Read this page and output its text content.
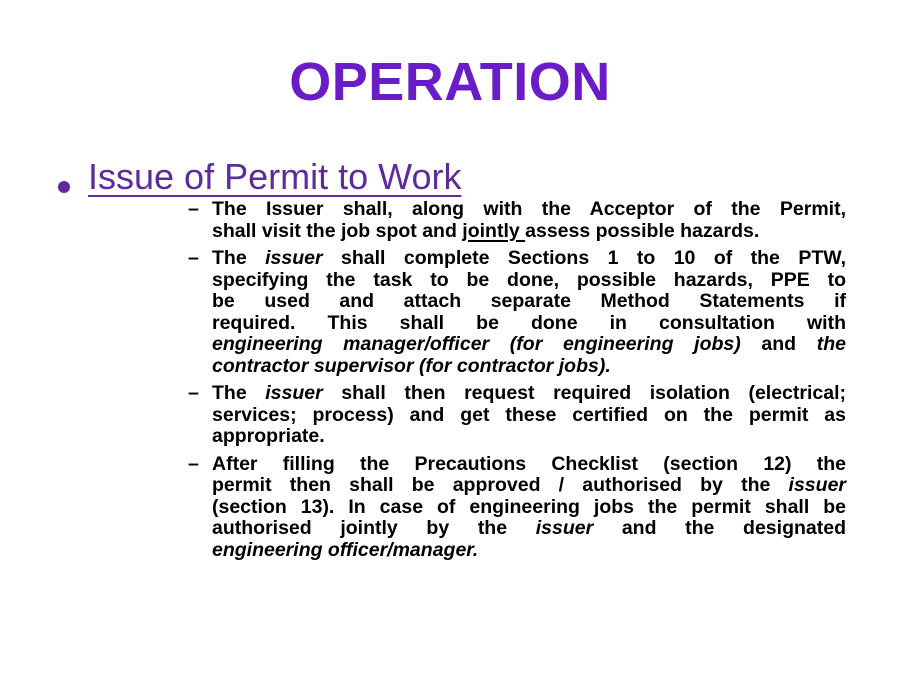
OPERATION
Issue of Permit to Work
– The Issuer shall, along with the Acceptor of the Permit,
shall visit the job spot and jointly assess possible hazards.
– The issuer shall complete Sections 1 to 10 of the PTW,
specifying the task to be done, possible hazards, PPE to
be used and attach separate Method Statements if
required. This shall be done in consultation with
engineering manager/officer (for engineering jobs) and the
contractor supervisor (for contractor jobs).
– The issuer shall then request required isolation (electrical;
services; process) and get these certified on the permit as
appropriate.
– After filling the Precautions Checklist (section 12) the
permit then shall be approved / authorised by the issuer
(section 13). In case of engineering jobs the permit shall be
authorised jointly by the issuer and the designated
engineering officer/manager.
